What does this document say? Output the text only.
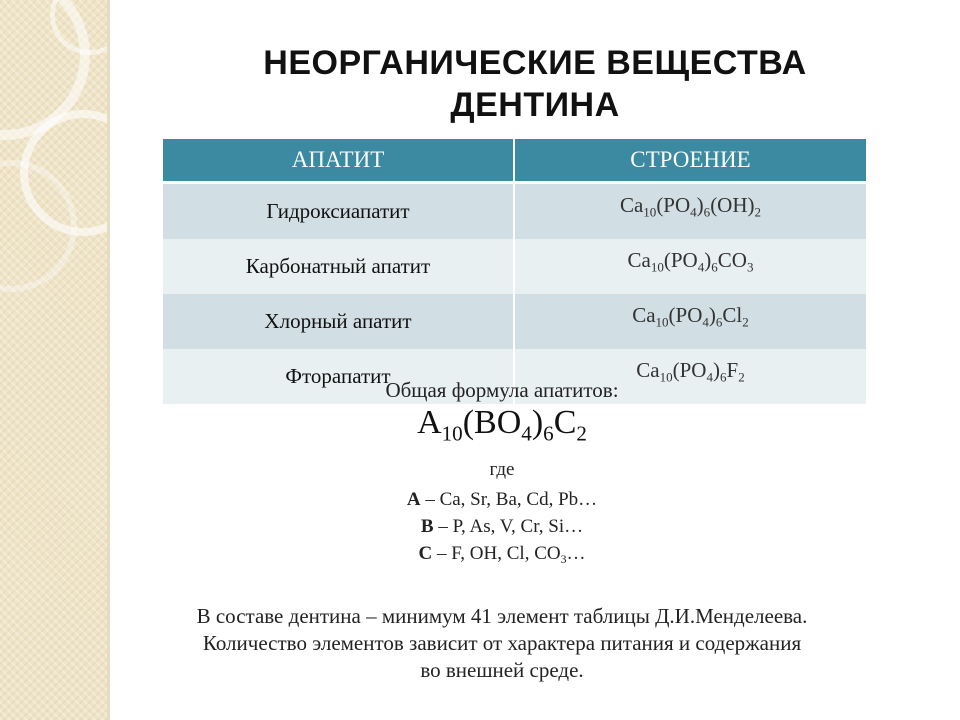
НЕОРГАНИЧЕСКИЕ ВЕЩЕСТВА
ДЕНТИНА
АПАТИТ	СТРОЕНИЕ
Гидроксиапатит	$Ca_{10}(PO_4)_6(OH)_2$
Карбонатный апатит	$Ca_{10}(PO_4)_6CO_3$
Хлорный апатит	$Ca_{10}(PO_4)_6Cl_2$
Фторапатит	$Ca_{10}(PO_4)_6F_2$
Общая формула апатитов:
$A_{10}(BO_4)_6C_2$
где
A – Ca, Sr, Ba, Cd, Pb…
B – P, As, V, Cr, Si…
C – F, OH, Cl, $CO_3\dots$
В составе дентина – минимум 41 элемент таблицы Д.И.Менделеева.
Количество элементов зависит от характера питания и содержания
во внешней среде.
